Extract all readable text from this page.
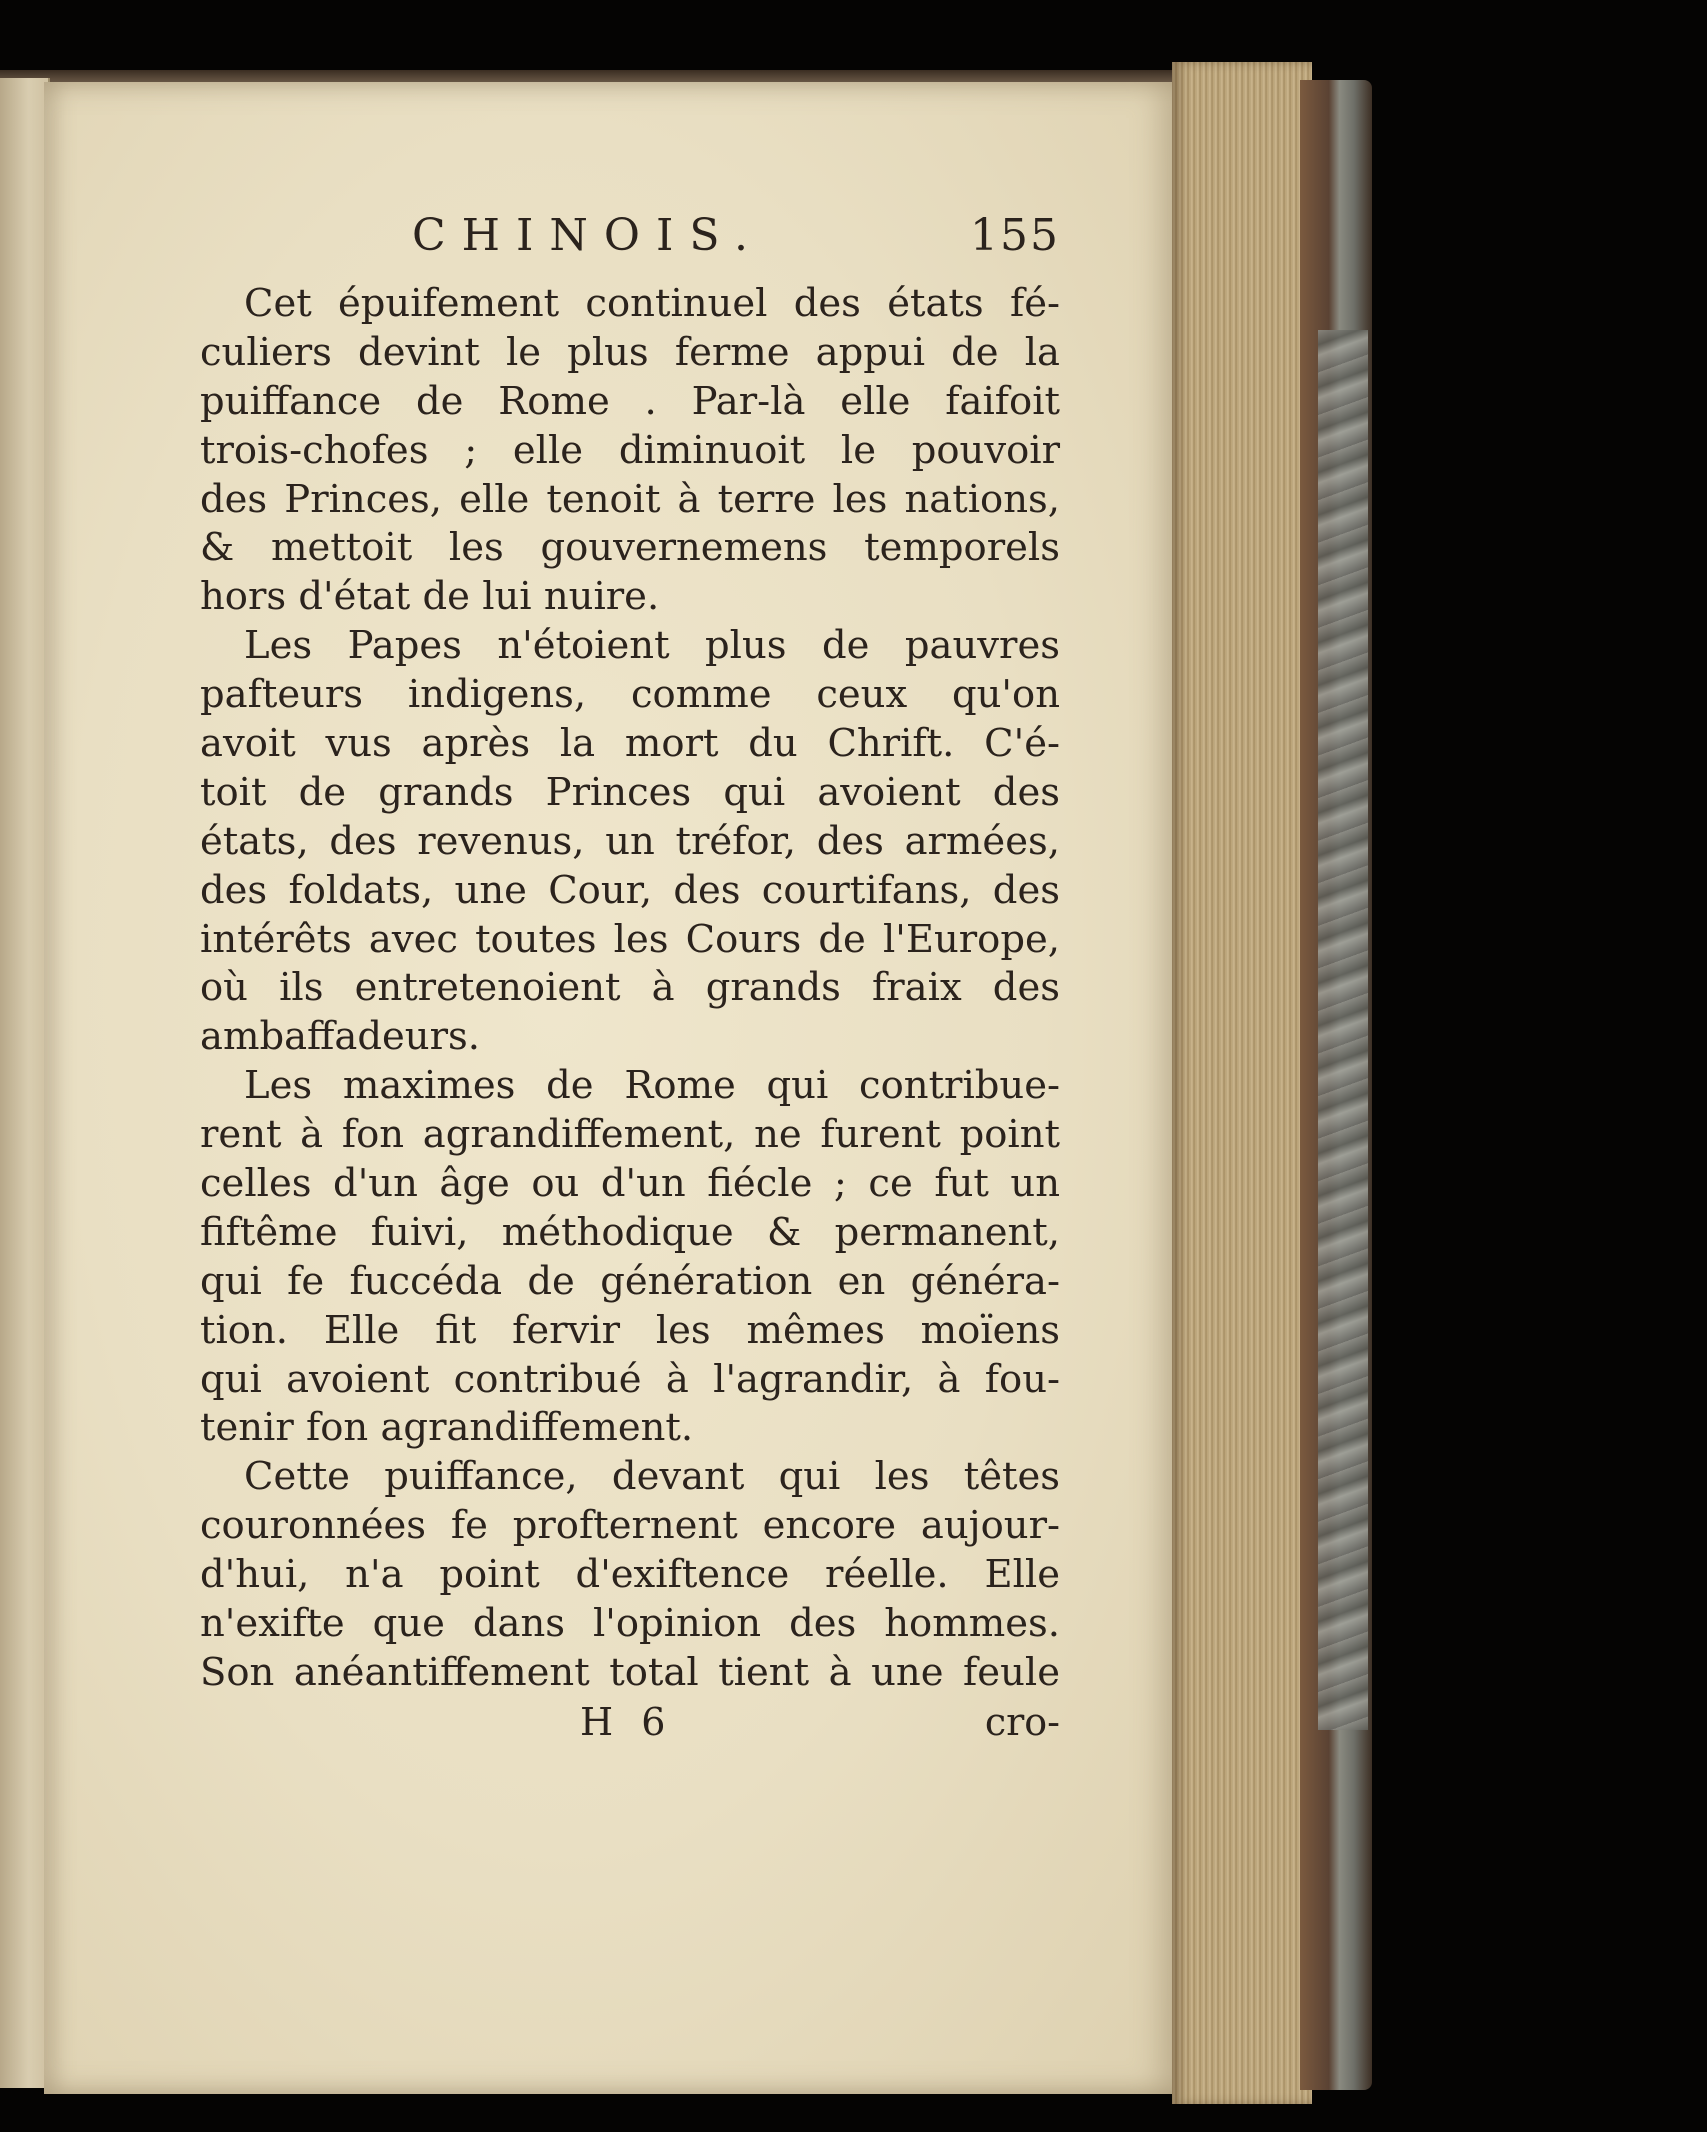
CHINOIS.	155
Cet épuifement continuel des états fé-
culiers devint le plus ferme appui de la
puiffance de Rome . Par-là elle faifoit
trois-chofes ; elle diminuoit le pouvoir
des Princes, elle tenoit à terre les nations,
& mettoit les gouvernemens temporels
hors d'état de lui nuire.
Les Papes n'étoient plus de pauvres
pafteurs indigens, comme ceux qu'on
avoit vus après la mort du Chrift. C'é-
toit de grands Princes qui avoient des
états, des revenus, un tréfor, des armées,
des foldats, une Cour, des courtifans, des
intérêts avec toutes les Cours de l'Europe,
où ils entretenoient à grands fraix des
ambaffadeurs.
Les maximes de Rome qui contribue-
rent à fon agrandiffement, ne furent point
celles d'un âge ou d'un fiécle ; ce fut un
fiftême fuivi, méthodique & permanent,
qui fe fuccéda de génération en généra-
tion. Elle fit fervir les mêmes moïens
qui avoient contribué à l'agrandir, à fou-
tenir fon agrandiffement.
Cette puiffance, devant qui les têtes
couronnées fe profternent encore aujour-
d'hui, n'a point d'exiftence réelle. Elle
n'exifte que dans l'opinion des hommes.
Son anéantiffement total tient à une feule
H 6	cro-
